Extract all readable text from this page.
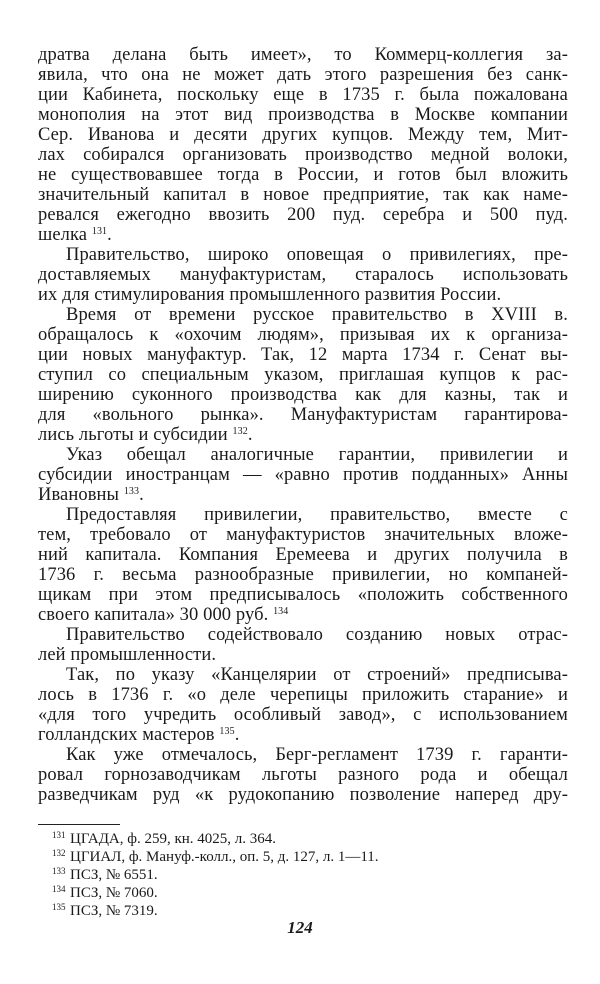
дратва делана быть имеет», то Коммерц-коллегия за-
явила, что она не может дать этого разрешения без санк-
ции Кабинета, поскольку еще в 1735 г. была пожалована
монополия на этот вид производства в Москве компании
Сер. Иванова и десяти других купцов. Между тем, Мит-
лах собирался организовать производство медной волоки,
не существовавшее тогда в России, и готов был вложить
значительный капитал в новое предприятие, так как наме-
ревался ежегодно ввозить 200 пуд. серебра и 500 пуд.
шелка $^{131}$.
Правительство, широко оповещая о привилегиях, пре-
доставляемых мануфактуристам, старалось использовать
их для стимулирования промышленного развития России.
Время от времени русское правительство в XVIII в.
обращалось к «охочим людям», призывая их к организа-
ции новых мануфактур. Так, 12 марта 1734 г. Сенат вы-
ступил со специальным указом, приглашая купцов к рас-
ширению суконного производства как для казны, так и
для «вольного рынка». Мануфактуристам гарантирова-
лись льготы и субсидии $^{132}$.
Указ обещал аналогичные гарантии, привилегии и
субсидии иностранцам — «равно против подданных» Анны
Ивановны $^{133}$.
Предоставляя привилегии, правительство, вместе с
тем, требовало от мануфактуристов значительных вложе-
ний капитала. Компания Еремеева и других получила в
1736 г. весьма разнообразные привилегии, но компаней-
щикам при этом предписывалось «положить собственного
своего капитала» 30 000 руб. $^{134}$
Правительство содействовало созданию новых отрас-
лей промышленности.
Так, по указу «Канцелярии от строений» предписыва-
лось в 1736 г. «о деле черепицы приложить старание» и
«для того учредить особливый завод», с использованием
голландских мастеров $^{135}$.
Как уже отмечалось, Берг-регламент 1739 г. гаранти-
ровал горнозаводчикам льготы разного рода и обещал
разведчикам руд «к рудокопанию позволение наперед дру-
131 ЦГАДА, ф. 259, кн. 4025, л. 364.
132 ЦГИАЛ, ф. Мануф.-колл., оп. 5, д. 127, л. 1—11.
133 ПСЗ, № 6551.
134 ПСЗ, № 7060.
135 ПСЗ, № 7319.
124
